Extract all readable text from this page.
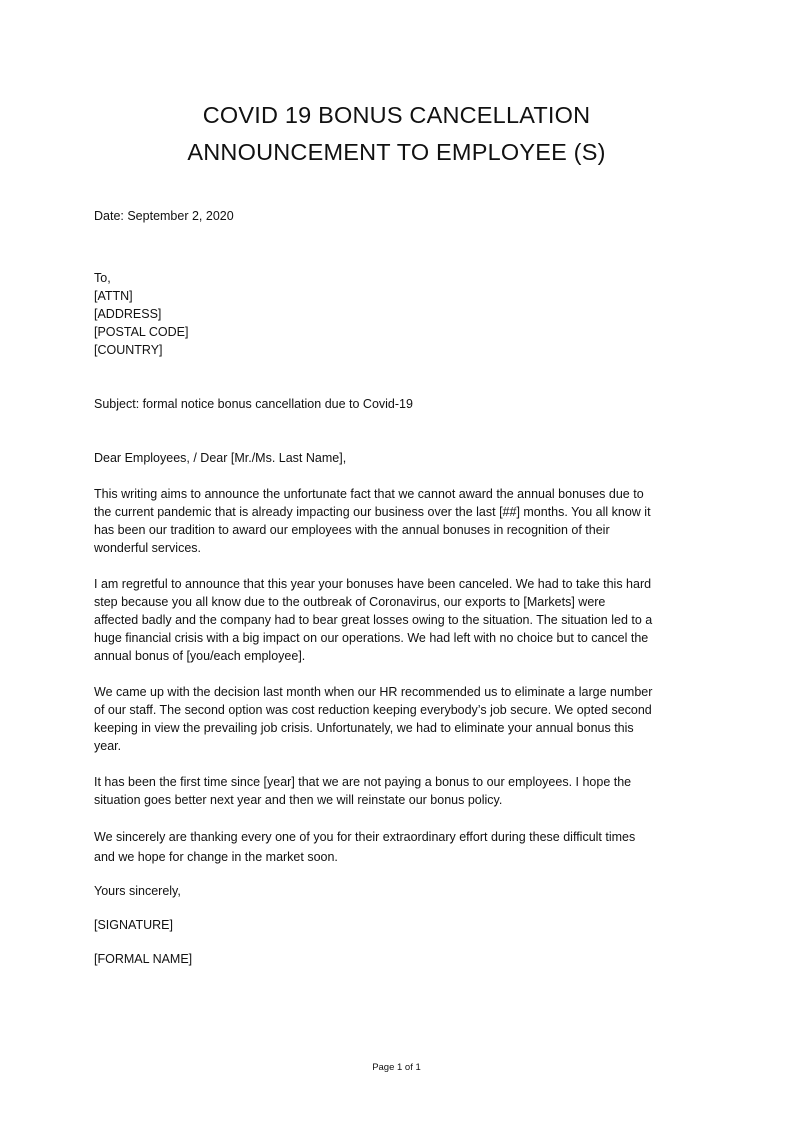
COVID 19 BONUS CANCELLATION
ANNOUNCEMENT TO EMPLOYEE (S)
Date: September 2, 2020
To,
[ATTN]
[ADDRESS]
[POSTAL CODE]
[COUNTRY]
Subject: formal notice bonus cancellation due to Covid-19
Dear Employees, / Dear [Mr./Ms. Last Name],
This writing aims to announce the unfortunate fact that we cannot award the annual bonuses due to
the current pandemic that is already impacting our business over the last [##] months. You all know it
has been our tradition to award our employees with the annual bonuses in recognition of their
wonderful services.
I am regretful to announce that this year your bonuses have been canceled. We had to take this hard
step because you all know due to the outbreak of Coronavirus, our exports to [Markets] were
affected badly and the company had to bear great losses owing to the situation. The situation led to a
huge financial crisis with a big impact on our operations. We had left with no choice but to cancel the
annual bonus of [you/each employee].
We came up with the decision last month when our HR recommended us to eliminate a large number
of our staff. The second option was cost reduction keeping everybody’s job secure. We opted second
keeping in view the prevailing job crisis. Unfortunately, we had to eliminate your annual bonus this
year.
It has been the first time since [year] that we are not paying a bonus to our employees. I hope the
situation goes better next year and then we will reinstate our bonus policy.
We sincerely are thanking every one of you for their extraordinary effort during these difficult times
and we hope for change in the market soon.
Yours sincerely,
[SIGNATURE]
[FORMAL NAME]
Page 1 of 1
